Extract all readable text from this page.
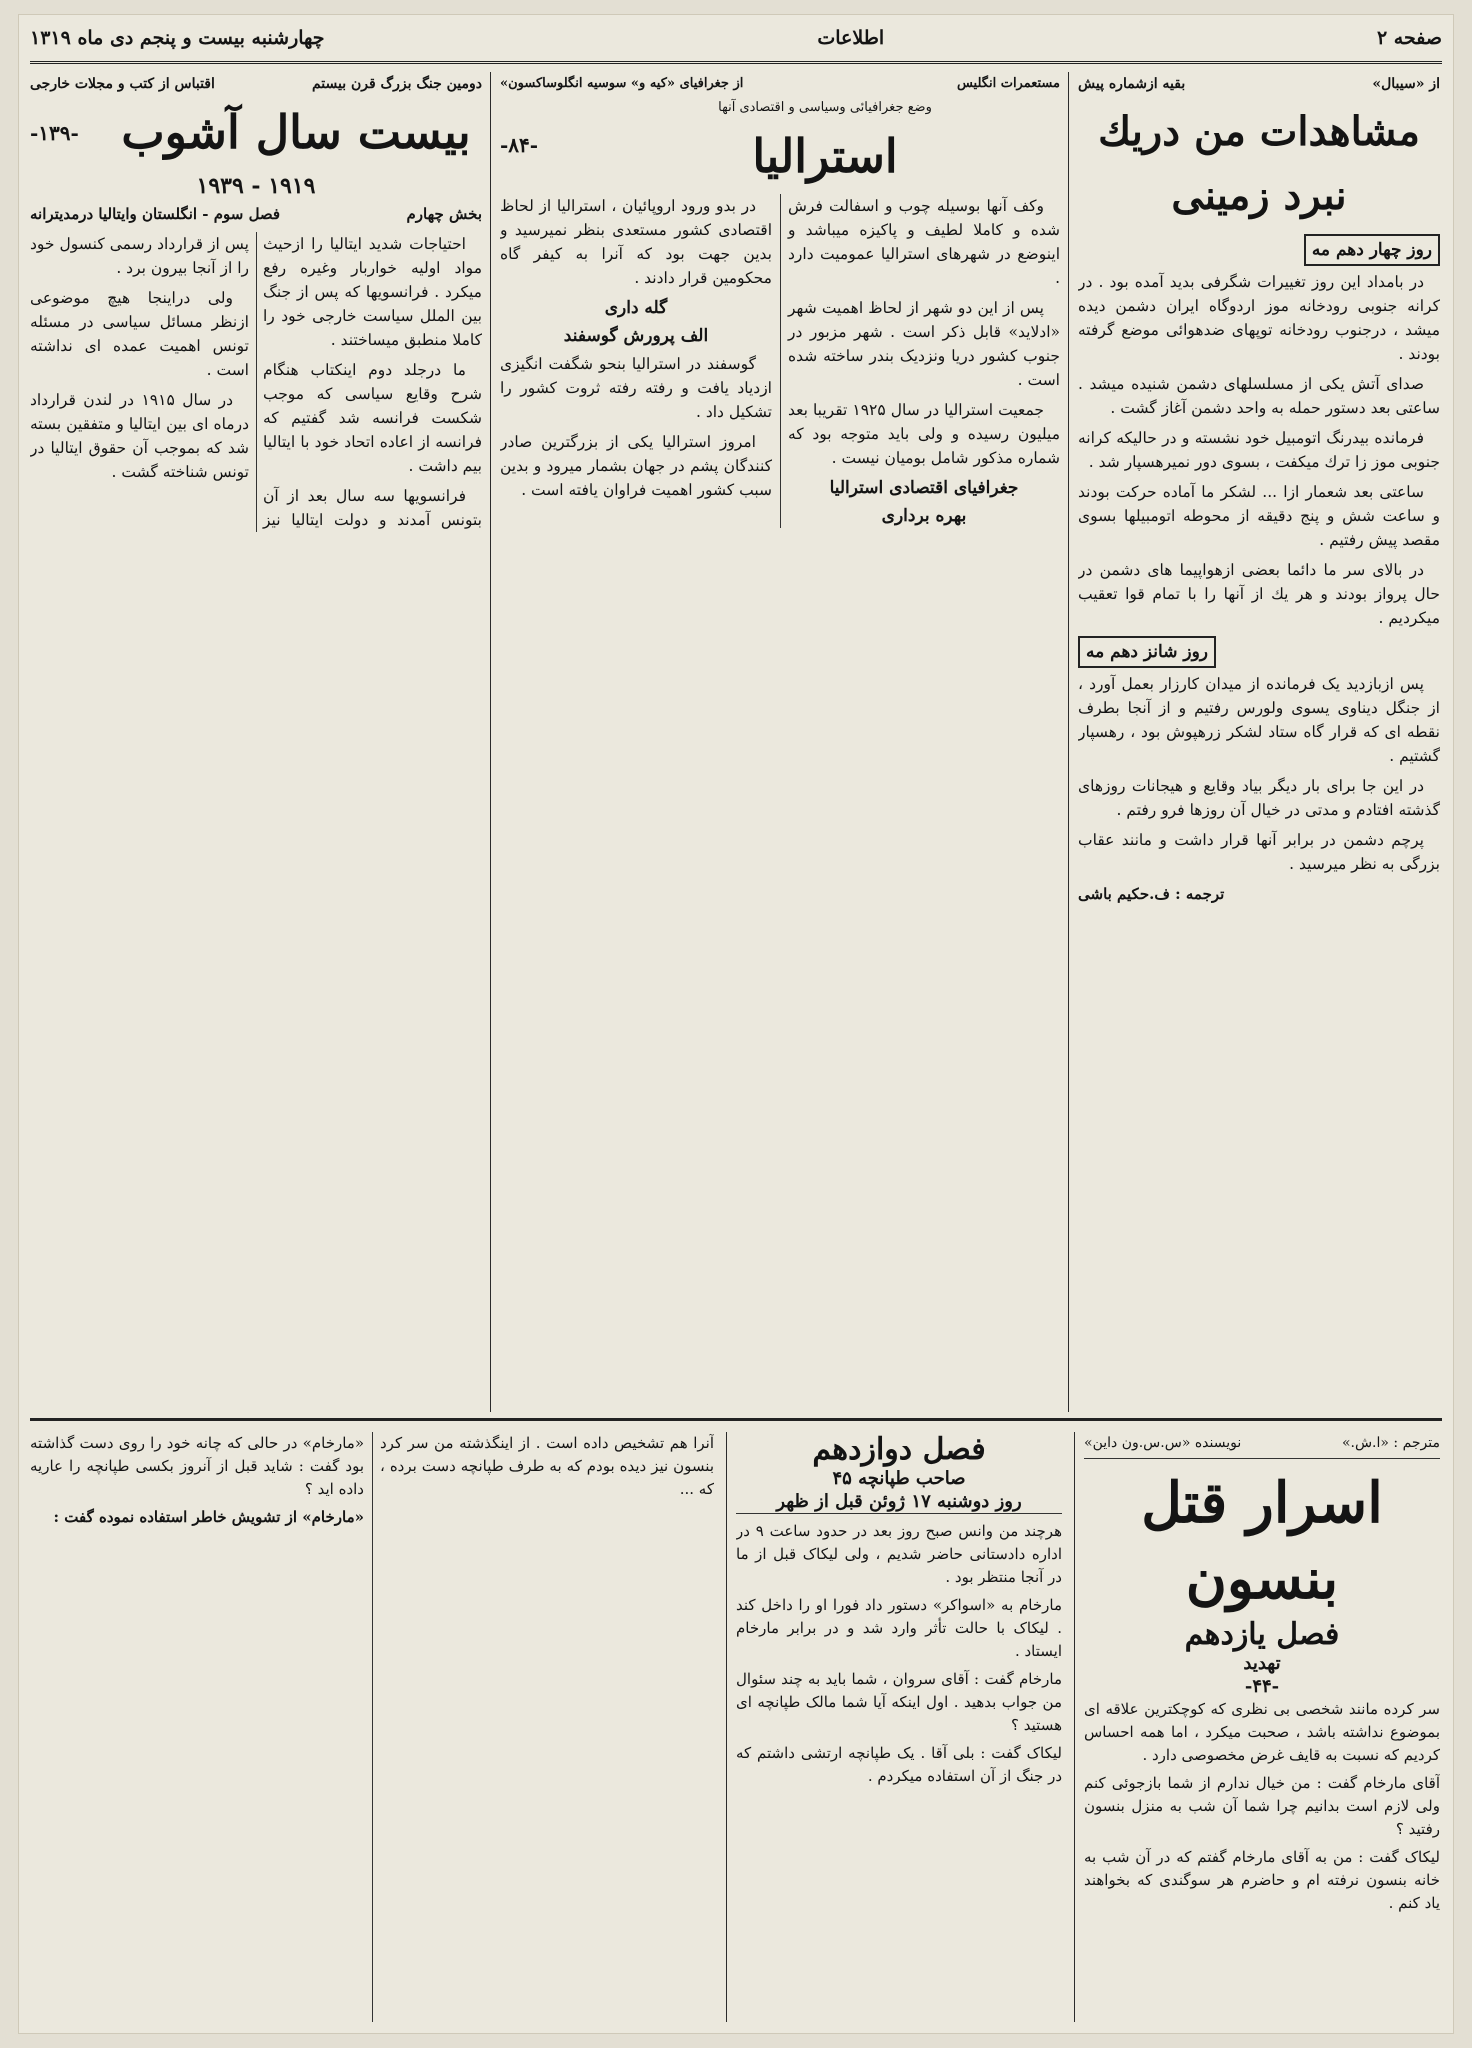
صفحه ۲
اطلاعات
چهارشنبه بیست و پنجم دی ماه ۱۳۱۹
از «سیبال»
بقیه ازشماره پیش
مشاهدات من دریك نبرد زمینی
روز چهار دهم مه

در بامداد این روز تغییرات شگرفی بدید آمده بود . در کرانه جنوبی رودخانه موز اردوگاه ایران دشمن دیده میشد ، درجنوب رودخانه توپهای ضدهوائی موضع گرفته بودند .

صدای آتش یکی از مسلسلهای دشمن شنیده میشد . ساعتی بعد دستور حمله به واحد دشمن آغاز گشت .

فرمانده بیدرنگ اتومبیل خود نشسته و در حالیکه کرانه جنوبی موز زا ترك میکفت ، بسوی دور نمیرهسپار شد .

ساعتی بعد شعمار ازا ... لشکر ما آماده حرکت بودند و ساعت شش و پنج دقیقه از محوطه اتومبیلها بسوی مقصد پیش رفتیم .

در بالای سر ما دائما بعضی ازهواپیما های دشمن در حال پرواز بودند و هر یك از آنها را با تمام قوا تعقیب میکردیم .

روز شانز دهم مه

پس ازبازدید یک فرمانده از میدان کارزار بعمل آورد ، از جنگل دیناوی یسوی ولورس رفتیم و از آنجا بطرف نقطه ای که قرار گاه ستاد لشکر زرهپوش بود ، رهسپار گشتیم .

در این جا برای بار دیگر بیاد وقایع و هیجانات روزهای گذشته افتادم و مدتی در خیال آن روزها فرو رفتم .

پرچم دشمن در برابر آنها قرار داشت و مانند عقاب بزرگی به نظر میرسید .

ترجمه : ف.حکیم باشی
مستعمرات انگلیس
از جغرافیای «کیه و» سوسیه انگلوساکسون»
وضع جغرافیائی وسیاسی و اقتصادی آنها
استرالیا
-۸۴-

وکف آنها بوسیله چوب و اسفالت فرش شده و کاملا لطیف و پاکیزه میباشد و اینوضع در شهرهای استرالیا عمومیت دارد .

پس از این دو شهر از لحاظ اهمیت شهر «ادلاید» قابل ذکر است . شهر مزبور در جنوب کشور دریا ونزدیک بندر ساخته شده است .

جمعیت استرالیا در سال ۱۹۲۵ تقریبا بعد میلیون رسیده و ولی باید متوجه بود که شماره مذکور شامل بومیان نیست .

جغرافیای اقتصادی استرالیا
بهره برداری

در بدو ورود اروپائیان ، استرالیا از لحاظ اقتصادی کشور مستعدی بنظر نمیرسید و بدین جهت بود که آنرا به کیفر گاه محکومین قرار دادند .

گله داری
الف پرورش گوسفند

گوسفند در استرالیا بنحو شگفت انگیزی ازدیاد یافت و رفته رفته ثروت کشور را تشکیل داد .

امروز استرالیا یکی از بزرگترین صادر کنندگان پشم در جهان بشمار میرود و بدین سبب کشور اهمیت فراوان یافته است .

دومین جنگ بزرگ قرن بیستم
اقتباس از کتب و مجلات خارجی
بیست سال آشوب
-۱۳۹-
۱۹۱۹ - ۱۹۳۹
بخش چهارم
فصل سوم - انگلستان وایتالیا درمدیترانه

احتیاجات شدید ایتالیا را ازحیث مواد اولیه خواربار وغیره رفع میکرد . فرانسویها که پس از جنگ بین الملل سیاست خارجی خود را کاملا منطبق میساختند .

ما درجلد دوم اینکتاب هنگام شرح وقایع سیاسی که موجب شکست فرانسه شد گفتیم که فرانسه از اعاده اتحاد خود با ایتالیا بیم داشت .

فرانسویها سه سال بعد از آن بتونس آمدند و دولت ایتالیا نیز پس از قرارداد رسمی کنسول خود را از آنجا بیرون برد .

ولی دراینجا هیچ موضوعی ازنظر مسائل سیاسی در مسئله تونس اهمیت عمده ای نداشته است .

در سال ۱۹۱۵ در لندن قرارداد درماه ای بین ایتالیا و متفقین بسته شد که بموجب آن حقوق ایتالیا در تونس شناخته گشت .

مترجم : «ا.ش.»
نویسنده «س.س.ون داین»
اسرار قتل بنسون
فصل یازدهم
تهدید
-۴۴-

سر کرده مانند شخصی بی نظری که کوچکترین علاقه ای بموضوع نداشته باشد ، صحبت میکرد ، اما همه احساس کردیم که نسبت به قایف غرض مخصوصی دارد .

آقای مارخام گفت : من خیال ندارم از شما بازجوئی کنم ولی لازم است بدانیم چرا شما آن شب به منزل بنسون رفتید ؟

لیکاک گفت : من به آقای مارخام گفتم که در آن شب به خانه بنسون نرفته ام و حاضرم هر سوگندی که بخواهند یاد کنم .

فصل دوازدهم
صاحب طپانچه ۴۵
روز دوشنبه ۱۷ ژوئن قبل از ظهر

هرچند من وانس صبح روز بعد در حدود ساعت ۹ در اداره دادستانی حاضر شدیم ، ولی لیکاک قبل از ما در آنجا منتظر بود .

مارخام به «اسواکر» دستور داد فورا او را داخل کند . لیکاک با حالت تأثر وارد شد و در برابر مارخام ایستاد .

مارخام گفت : آقای سروان ، شما باید به چند سئوال من جواب بدهید . اول اینکه آیا شما مالک طپانچه ای هستید ؟

لیکاک گفت : بلی آقا . یک طپانچه ارتشی داشتم که در جنگ از آن استفاده میکردم .

آنرا هم تشخیص داده است . از اینگذشته من سر کرد بنسون نیز دیده بودم که به طرف طپانچه دست برده ، که ...

«مارخام» در حالی که چانه خود را روی دست گذاشته بود گفت : شاید قبل از آنروز بکسی طپانچه را عاریه داده اید ؟

«مارخام» از تشویش خاطر استفاده نموده گفت :
